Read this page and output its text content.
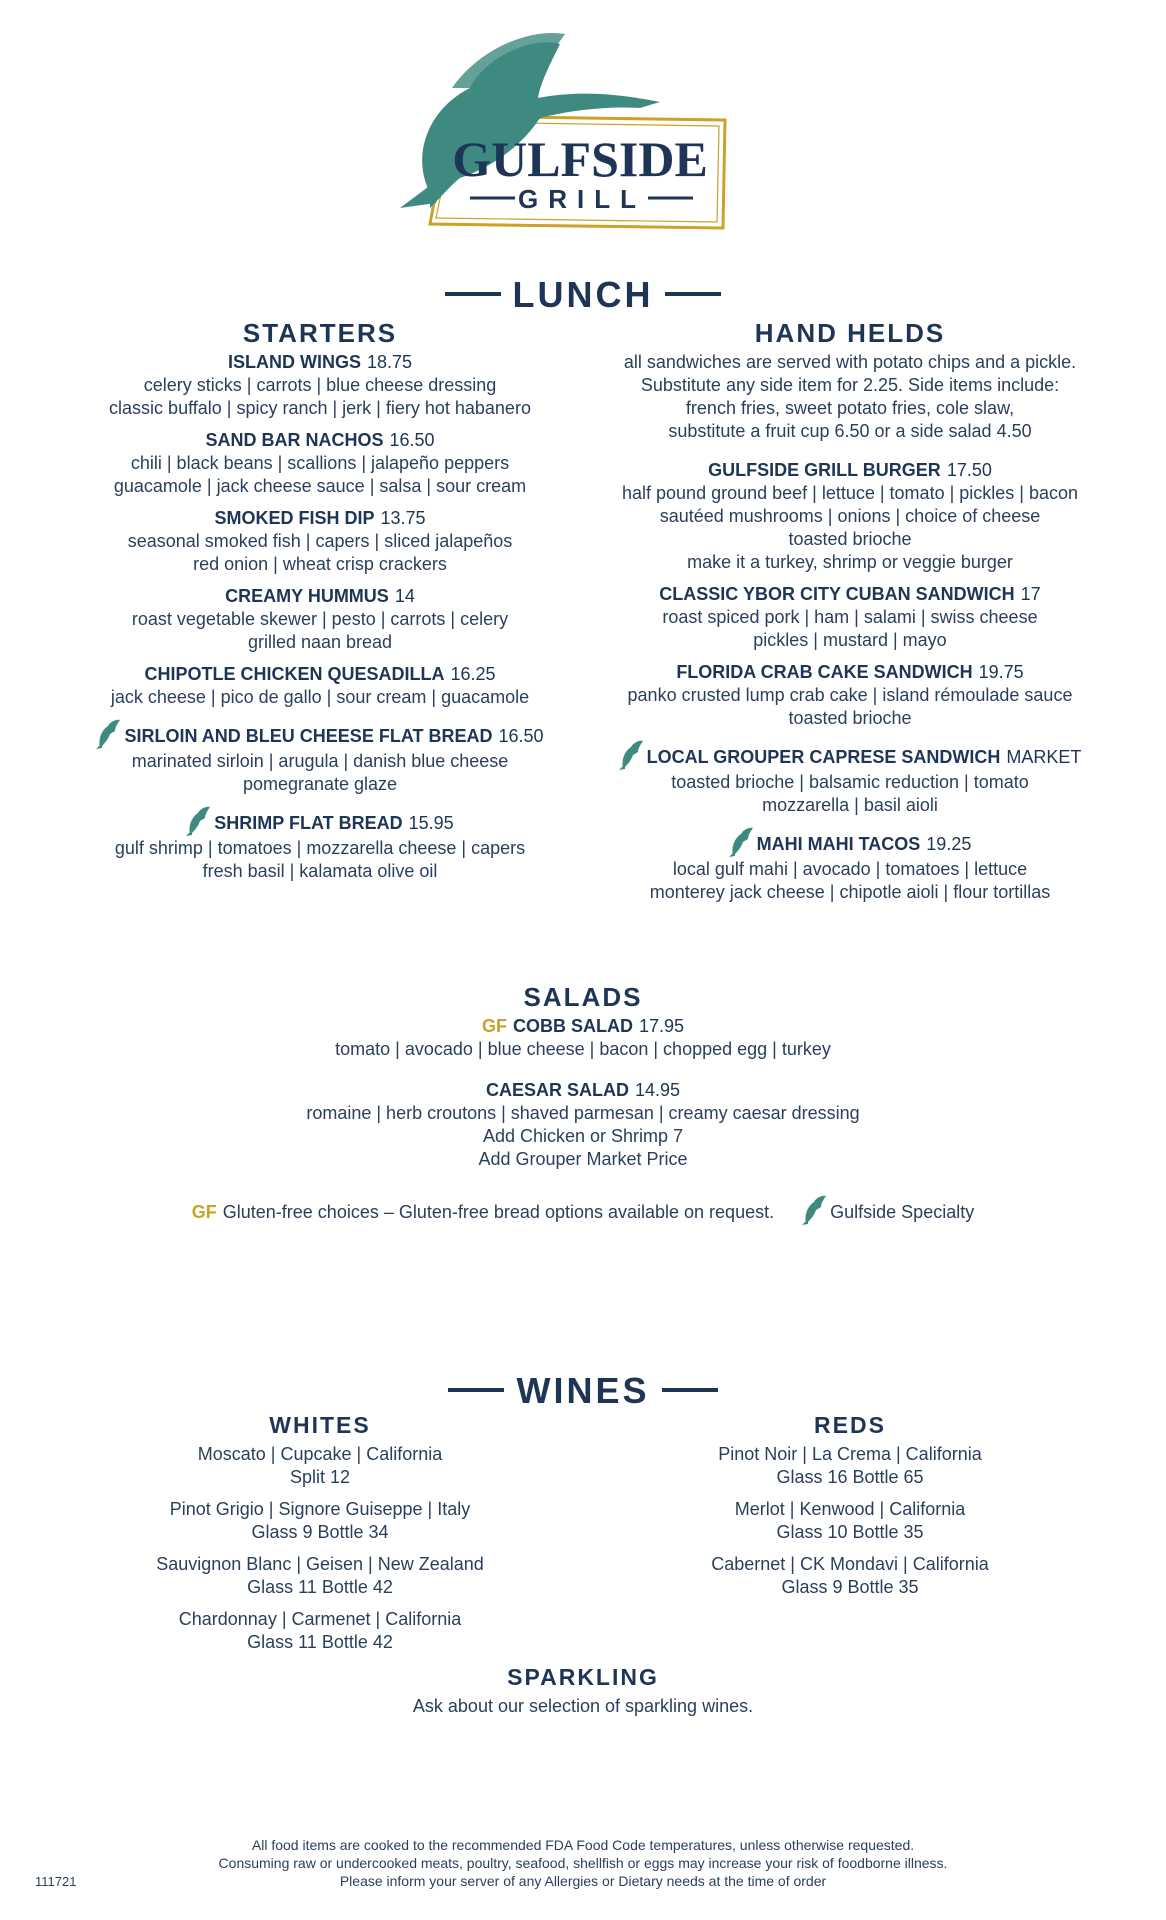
GULFSIDE
GRILL
LUNCH
STARTERS
ISLAND WINGS 18.75
celery sticks | carrots | blue cheese dressing
classic buffalo | spicy ranch | jerk | fiery hot habanero
SAND BAR NACHOS 16.50
chili | black beans | scallions | jalapeño peppers
guacamole | jack cheese sauce | salsa | sour cream
SMOKED FISH DIP 13.75
seasonal smoked fish | capers | sliced jalapeños
red onion | wheat crisp crackers
CREAMY HUMMUS 14
roast vegetable skewer | pesto | carrots | celery
grilled naan bread
CHIPOTLE CHICKEN QUESADILLA 16.25
jack cheese | pico de gallo | sour cream | guacamole
SIRLOIN AND BLEU CHEESE FLAT BREAD 16.50
marinated sirloin | arugula | danish blue cheese
pomegranate glaze
SHRIMP FLAT BREAD 15.95
gulf shrimp | tomatoes | mozzarella cheese | capers
fresh basil | kalamata olive oil
HAND HELDS
all sandwiches are served with potato chips and a pickle.
Substitute any side item for 2.25. Side items include:
french fries, sweet potato fries, cole slaw,
substitute a fruit cup 6.50 or a side salad 4.50
GULFSIDE GRILL BURGER 17.50
half pound ground beef | lettuce | tomato | pickles | bacon
sautéed mushrooms | onions | choice of cheese
toasted brioche
make it a turkey, shrimp or veggie burger
CLASSIC YBOR CITY CUBAN SANDWICH 17
roast spiced pork | ham | salami | swiss cheese
pickles | mustard | mayo
FLORIDA CRAB CAKE SANDWICH 19.75
panko crusted lump crab cake | island rémoulade sauce
toasted brioche
LOCAL GROUPER CAPRESE SANDWICH MARKET
toasted brioche | balsamic reduction | tomato
mozzarella | basil aioli
MAHI MAHI TACOS 19.25
local gulf mahi | avocado | tomatoes | lettuce
monterey jack cheese | chipotle aioli | flour tortillas
SALADS
GF COBB SALAD 17.95
tomato | avocado | blue cheese | bacon | chopped egg | turkey
CAESAR SALAD 14.95
romaine | herb croutons | shaved parmesan | creamy caesar dressing
Add Chicken or Shrimp 7
Add Grouper Market Price
GF Gluten-free choices – Gluten-free bread options available on request.	Gulfside Specialty
WINES
WHITES
Moscato | Cupcake | California
Split 12
Pinot Grigio | Signore Guiseppe | Italy
Glass 9 Bottle 34
Sauvignon Blanc | Geisen | New Zealand
Glass 11 Bottle 42
Chardonnay | Carmenet | California
Glass 11 Bottle 42
REDS
Pinot Noir | La Crema | California
Glass 16 Bottle 65
Merlot | Kenwood | California
Glass 10 Bottle 35
Cabernet | CK Mondavi | California
Glass 9 Bottle 35
SPARKLING
Ask about our selection of sparkling wines.
All food items are cooked to the recommended FDA Food Code temperatures, unless otherwise requested.
Consuming raw or undercooked meats, poultry, seafood, shellfish or eggs may increase your risk of foodborne illness.
Please inform your server of any Allergies or Dietary needs at the time of order
111721
